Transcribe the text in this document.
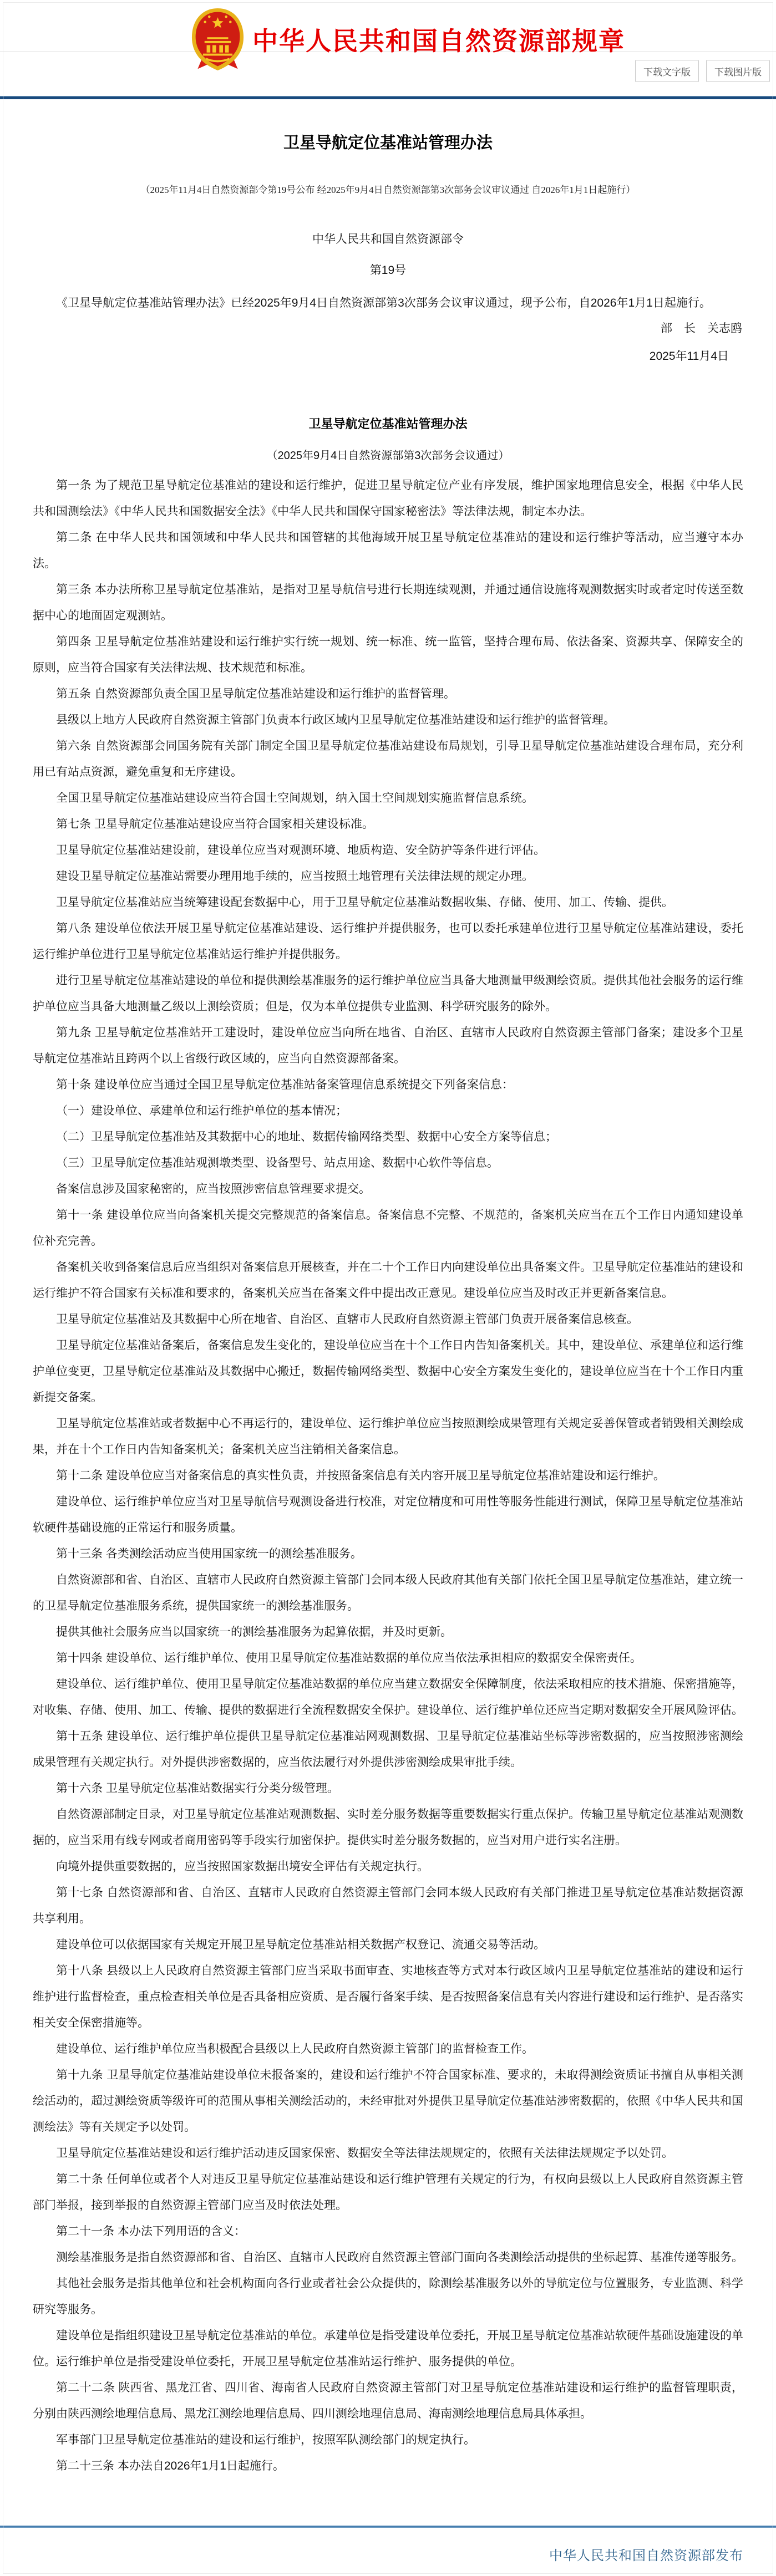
中华人民共和国自然资源部规章
下载文字版	下载图片版
卫星导航定位基准站管理办法
（2025年11月4日自然资源部令第19号公布 经2025年9月4日自然资源部第3次部务会议审议通过 自2026年1月1日起施行）
中华人民共和国自然资源部令
第19号

《卫星导航定位基准站管理办法》已经2025年9月4日自然资源部第3次部务会议审议通过，现予公布，自2026年1月1日起施行。

部　长　关志鸥
2025年11月4日
卫星导航定位基准站管理办法
（2025年9月4日自然资源部第3次部务会议通过）

第一条 为了规范卫星导航定位基准站的建设和运行维护，促进卫星导航定位产业有序发展，维护国家地理信息安全，根据《中华人民共和国测绘法》《中华人民共和国数据安全法》《中华人民共和国保守国家秘密法》等法律法规，制定本办法。

第二条 在中华人民共和国领域和中华人民共和国管辖的其他海域开展卫星导航定位基准站的建设和运行维护等活动，应当遵守本办法。

第三条 本办法所称卫星导航定位基准站，是指对卫星导航信号进行长期连续观测，并通过通信设施将观测数据实时或者定时传送至数据中心的地面固定观测站。

第四条 卫星导航定位基准站建设和运行维护实行统一规划、统一标准、统一监管，坚持合理布局、依法备案、资源共享、保障安全的原则，应当符合国家有关法律法规、技术规范和标准。

第五条 自然资源部负责全国卫星导航定位基准站建设和运行维护的监督管理。

县级以上地方人民政府自然资源主管部门负责本行政区域内卫星导航定位基准站建设和运行维护的监督管理。

第六条 自然资源部会同国务院有关部门制定全国卫星导航定位基准站建设布局规划，引导卫星导航定位基准站建设合理布局，充分利用已有站点资源，避免重复和无序建设。

全国卫星导航定位基准站建设应当符合国土空间规划，纳入国土空间规划实施监督信息系统。

第七条 卫星导航定位基准站建设应当符合国家相关建设标准。

卫星导航定位基准站建设前，建设单位应当对观测环境、地质构造、安全防护等条件进行评估。

建设卫星导航定位基准站需要办理用地手续的，应当按照土地管理有关法律法规的规定办理。

卫星导航定位基准站应当统筹建设配套数据中心，用于卫星导航定位基准站数据收集、存储、使用、加工、传输、提供。

第八条 建设单位依法开展卫星导航定位基准站建设、运行维护并提供服务，也可以委托承建单位进行卫星导航定位基准站建设，委托运行维护单位进行卫星导航定位基准站运行维护并提供服务。

进行卫星导航定位基准站建设的单位和提供测绘基准服务的运行维护单位应当具备大地测量甲级测绘资质。提供其他社会服务的运行维护单位应当具备大地测量乙级以上测绘资质；但是，仅为本单位提供专业监测、科学研究服务的除外。

第九条 卫星导航定位基准站开工建设时，建设单位应当向所在地省、自治区、直辖市人民政府自然资源主管部门备案；建设多个卫星导航定位基准站且跨两个以上省级行政区域的，应当向自然资源部备案。

第十条 建设单位应当通过全国卫星导航定位基准站备案管理信息系统提交下列备案信息：

（一）建设单位、承建单位和运行维护单位的基本情况；

（二）卫星导航定位基准站及其数据中心的地址、数据传输网络类型、数据中心安全方案等信息；

（三）卫星导航定位基准站观测墩类型、设备型号、站点用途、数据中心软件等信息。

备案信息涉及国家秘密的，应当按照涉密信息管理要求提交。

第十一条 建设单位应当向备案机关提交完整规范的备案信息。备案信息不完整、不规范的，备案机关应当在五个工作日内通知建设单位补充完善。

备案机关收到备案信息后应当组织对备案信息开展核查，并在二十个工作日内向建设单位出具备案文件。卫星导航定位基准站的建设和运行维护不符合国家有关标准和要求的，备案机关应当在备案文件中提出改正意见。建设单位应当及时改正并更新备案信息。

卫星导航定位基准站及其数据中心所在地省、自治区、直辖市人民政府自然资源主管部门负责开展备案信息核查。

卫星导航定位基准站备案后，备案信息发生变化的，建设单位应当在十个工作日内告知备案机关。其中，建设单位、承建单位和运行维护单位变更，卫星导航定位基准站及其数据中心搬迁，数据传输网络类型、数据中心安全方案发生变化的，建设单位应当在十个工作日内重新提交备案。

卫星导航定位基准站或者数据中心不再运行的，建设单位、运行维护单位应当按照测绘成果管理有关规定妥善保管或者销毁相关测绘成果，并在十个工作日内告知备案机关；备案机关应当注销相关备案信息。

第十二条 建设单位应当对备案信息的真实性负责，并按照备案信息有关内容开展卫星导航定位基准站建设和运行维护。

建设单位、运行维护单位应当对卫星导航信号观测设备进行校准，对定位精度和可用性等服务性能进行测试，保障卫星导航定位基准站软硬件基础设施的正常运行和服务质量。

第十三条 各类测绘活动应当使用国家统一的测绘基准服务。

自然资源部和省、自治区、直辖市人民政府自然资源主管部门会同本级人民政府其他有关部门依托全国卫星导航定位基准站，建立统一的卫星导航定位基准服务系统，提供国家统一的测绘基准服务。

提供其他社会服务应当以国家统一的测绘基准服务为起算依据，并及时更新。

第十四条 建设单位、运行维护单位、使用卫星导航定位基准站数据的单位应当依法承担相应的数据安全保密责任。

建设单位、运行维护单位、使用卫星导航定位基准站数据的单位应当建立数据安全保障制度，依法采取相应的技术措施、保密措施等，对收集、存储、使用、加工、传输、提供的数据进行全流程数据安全保护。建设单位、运行维护单位还应当定期对数据安全开展风险评估。

第十五条 建设单位、运行维护单位提供卫星导航定位基准站网观测数据、卫星导航定位基准站坐标等涉密数据的，应当按照涉密测绘成果管理有关规定执行。对外提供涉密数据的，应当依法履行对外提供涉密测绘成果审批手续。

第十六条 卫星导航定位基准站数据实行分类分级管理。

自然资源部制定目录，对卫星导航定位基准站观测数据、实时差分服务数据等重要数据实行重点保护。传输卫星导航定位基准站观测数据的，应当采用有线专网或者商用密码等手段实行加密保护。提供实时差分服务数据的，应当对用户进行实名注册。

向境外提供重要数据的，应当按照国家数据出境安全评估有关规定执行。

第十七条 自然资源部和省、自治区、直辖市人民政府自然资源主管部门会同本级人民政府有关部门推进卫星导航定位基准站数据资源共享利用。

建设单位可以依据国家有关规定开展卫星导航定位基准站相关数据产权登记、流通交易等活动。

第十八条 县级以上人民政府自然资源主管部门应当采取书面审查、实地核查等方式对本行政区域内卫星导航定位基准站的建设和运行维护进行监督检查，重点检查相关单位是否具备相应资质、是否履行备案手续、是否按照备案信息有关内容进行建设和运行维护、是否落实相关安全保密措施等。

建设单位、运行维护单位应当积极配合县级以上人民政府自然资源主管部门的监督检查工作。

第十九条 卫星导航定位基准站建设单位未报备案的，建设和运行维护不符合国家标准、要求的，未取得测绘资质证书擅自从事相关测绘活动的，超过测绘资质等级许可的范围从事相关测绘活动的，未经审批对外提供卫星导航定位基准站涉密数据的，依照《中华人民共和国测绘法》等有关规定予以处罚。

卫星导航定位基准站建设和运行维护活动违反国家保密、数据安全等法律法规规定的，依照有关法律法规规定予以处罚。

第二十条 任何单位或者个人对违反卫星导航定位基准站建设和运行维护管理有关规定的行为，有权向县级以上人民政府自然资源主管部门举报，接到举报的自然资源主管部门应当及时依法处理。

第二十一条 本办法下列用语的含义：

测绘基准服务是指自然资源部和省、自治区、直辖市人民政府自然资源主管部门面向各类测绘活动提供的坐标起算、基准传递等服务。

其他社会服务是指其他单位和社会机构面向各行业或者社会公众提供的，除测绘基准服务以外的导航定位与位置服务，专业监测、科学研究等服务。

建设单位是指组织建设卫星导航定位基准站的单位。承建单位是指受建设单位委托，开展卫星导航定位基准站软硬件基础设施建设的单位。运行维护单位是指受建设单位委托，开展卫星导航定位基准站运行维护、服务提供的单位。

第二十二条 陕西省、黑龙江省、四川省、海南省人民政府自然资源主管部门对卫星导航定位基准站建设和运行维护的监督管理职责，分别由陕西测绘地理信息局、黑龙江测绘地理信息局、四川测绘地理信息局、海南测绘地理信息局具体承担。

军事部门卫星导航定位基准站的建设和运行维护，按照军队测绘部门的规定执行。

第二十三条 本办法自2026年1月1日起施行。

中华人民共和国自然资源部发布
